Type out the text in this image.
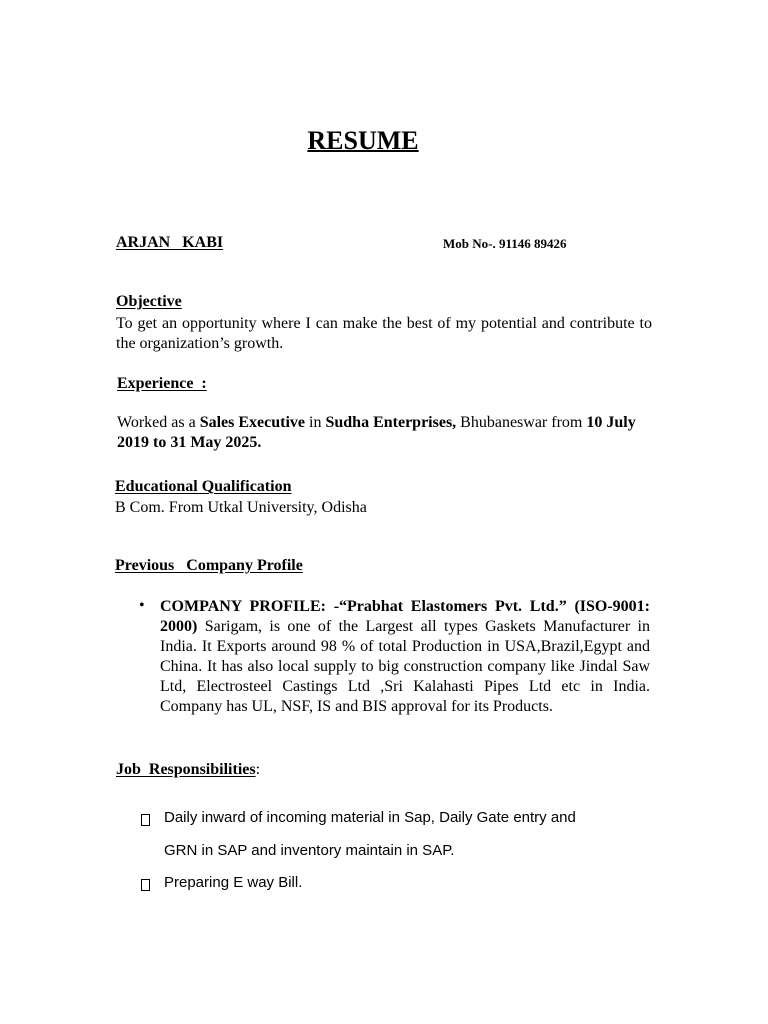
RESUME
ARJAN   KABI	Mob No-. 91146 89426
Objective
To get an opportunity where I can make the best of my potential and contribute to the organization’s growth.
Experience  :
Worked as a Sales Executive in Sudha Enterprises, Bhubaneswar from 10 July 2019 to 31 May 2025.
Educational Qualification
B Com. From Utkal University, Odisha
Previous   Company Profile
• COMPANY PROFILE: -“Prabhat Elastomers Pvt. Ltd.” (ISO-9001: 2000) Sarigam, is one of the Largest all types Gaskets Manufacturer in India. It Exports around 98 % of total Production in USA,Brazil,Egypt and China. It has also local supply to big construction company like Jindal Saw Ltd, Electrosteel Castings Ltd ,Sri Kalahasti Pipes Ltd etc in India. Company has UL, NSF, IS and BIS approval for its Products.
Job  Responsibilities:
Daily inward of incoming material in Sap, Daily Gate entry and
GRN in SAP and inventory maintain in SAP.
Preparing E way Bill.
